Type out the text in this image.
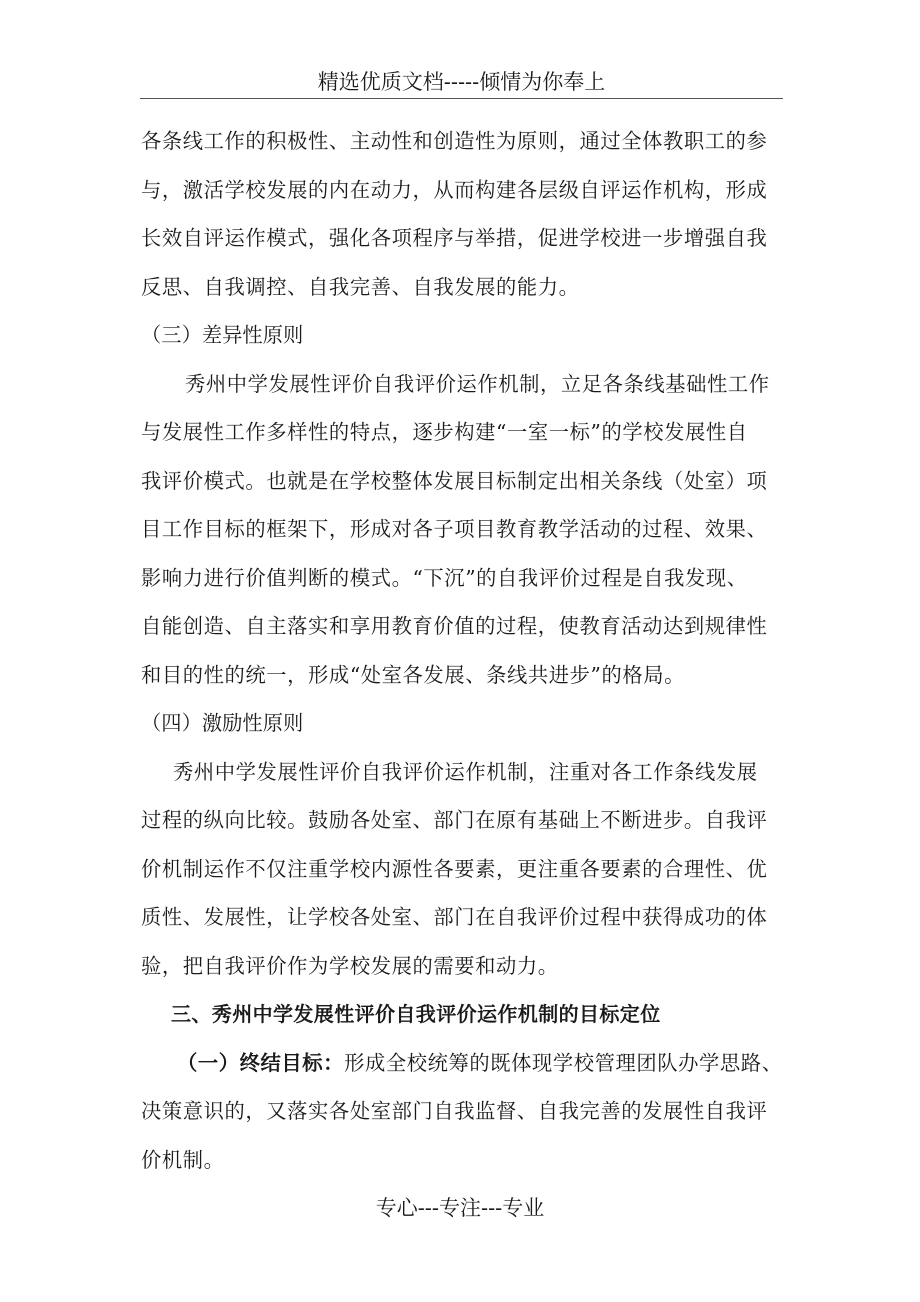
精选优质文档-----倾情为你奉上

各条线工作的积极性、主动性和创造性为原则，通过全体教职工的参

与，激活学校发展的内在动力，从而构建各层级自评运作机构，形成

长效自评运作模式，强化各项程序与举措，促进学校进一步增强自我

反思、自我调控、自我完善、自我发展的能力。

（三）差异性原则

秀州中学发展性评价自我评价运作机制，立足各条线基础性工作

与发展性工作多样性的特点，逐步构建“一室一标”的学校发展性自

我评价模式。也就是在学校整体发展目标制定出相关条线（处室）项

目工作目标的框架下，形成对各子项目教育教学活动的过程、效果、

影响力进行价值判断的模式。“下沉”的自我评价过程是自我发现、

自能创造、自主落实和享用教育价值的过程，使教育活动达到规律性

和目的性的统一，形成“处室各发展、条线共进步”的格局。

（四）激励性原则

秀州中学发展性评价自我评价运作机制，注重对各工作条线发展

过程的纵向比较。鼓励各处室、部门在原有基础上不断进步。自我评

价机制运作不仅注重学校内源性各要素，更注重各要素的合理性、优

质性、发展性，让学校各处室、部门在自我评价过程中获得成功的体

验，把自我评价作为学校发展的需要和动力。

三、秀州中学发展性评价自我评价运作机制的目标定位

（一）终结目标：形成全校统筹的既体现学校管理团队办学思路、

决策意识的，又落实各处室部门自我监督、自我完善的发展性自我评

价机制。

专心---专注---专业
